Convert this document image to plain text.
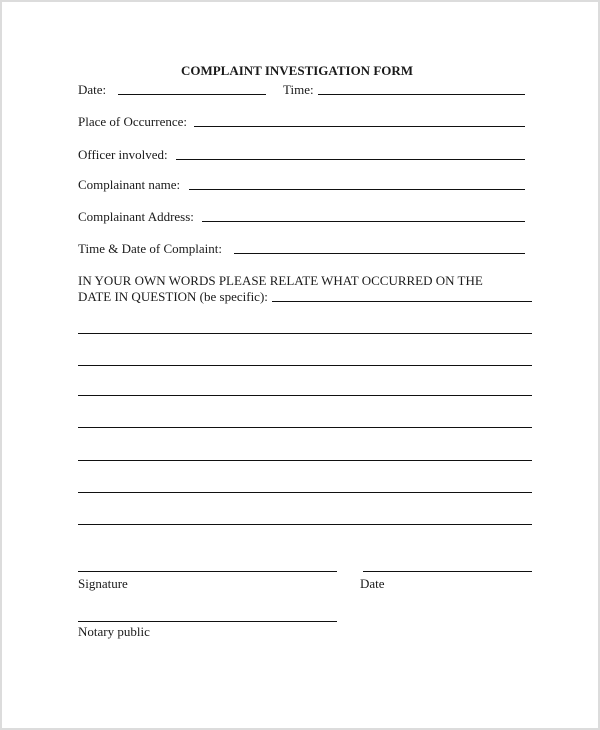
COMPLAINT INVESTIGATION FORM
Date:	Time:
Place of Occurrence:
Officer involved:
Complainant name:
Complainant Address:
Time & Date of Complaint:
IN YOUR OWN WORDS PLEASE RELATE WHAT OCCURRED ON THE
DATE IN QUESTION (be specific):
Signature	Date
Notary public
